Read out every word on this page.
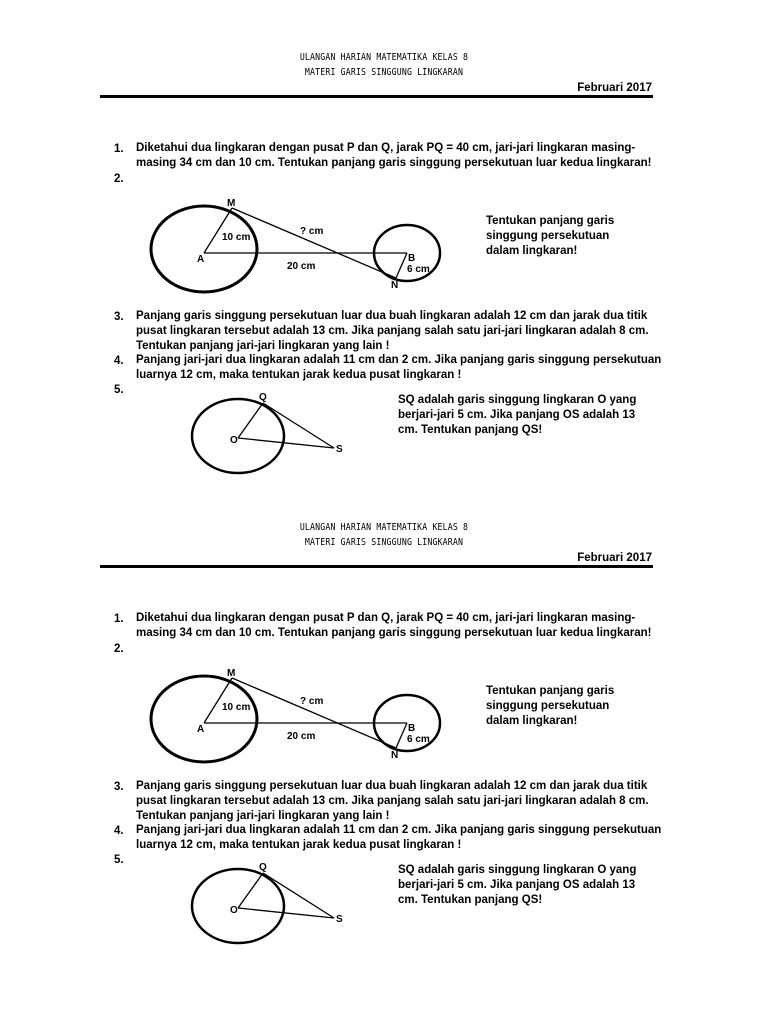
ULANGAN HARIAN MATEMATIKA KELAS 8
MATERI GARIS SINGGUNG LINGKARAN
Februari 2017
1. Diketahui dua lingkaran dengan pusat P dan Q, jarak PQ = 40 cm, jari-jari lingkaran masing-masing 34 cm dan 10 cm. Tentukan panjang garis singgung persekutuan luar kedua lingkaran!
2.
M
A	B
N
10 cm
20 cm	6 cm
? cm
Q
O
S
Tentukan panjang garis singgung persekutuan dalam lingkaran!
3. Panjang garis singgung persekutuan luar dua buah lingkaran adalah 12 cm dan jarak dua titik pusat lingkaran tersebut adalah 13 cm. Jika panjang salah satu jari-jari lingkaran adalah 8 cm. Tentukan panjang jari-jari lingkaran yang lain !
4. Panjang jari-jari dua lingkaran adalah 11 cm dan 2 cm. Jika panjang garis singgung persekutuan luarnya 12 cm, maka tentukan jarak kedua pusat lingkaran !
5.
SQ adalah garis singgung lingkaran O yang berjari-jari 5 cm. Jika panjang OS adalah 13 cm. Tentukan panjang QS!
ULANGAN HARIAN MATEMATIKA KELAS 8
MATERI GARIS SINGGUNG LINGKARAN
Februari 2017
1. Diketahui dua lingkaran dengan pusat P dan Q, jarak PQ = 40 cm, jari-jari lingkaran masing-masing 34 cm dan 10 cm. Tentukan panjang garis singgung persekutuan luar kedua lingkaran!
2.
M
A	B
N
10 cm
20 cm	6 cm
? cm
Q
O
S
Tentukan panjang garis singgung persekutuan dalam lingkaran!
3. Panjang garis singgung persekutuan luar dua buah lingkaran adalah 12 cm dan jarak dua titik pusat lingkaran tersebut adalah 13 cm. Jika panjang salah satu jari-jari lingkaran adalah 8 cm. Tentukan panjang jari-jari lingkaran yang lain !
4. Panjang jari-jari dua lingkaran adalah 11 cm dan 2 cm. Jika panjang garis singgung persekutuan luarnya 12 cm, maka tentukan jarak kedua pusat lingkaran !
5.
SQ adalah garis singgung lingkaran O yang berjari-jari 5 cm. Jika panjang OS adalah 13 cm. Tentukan panjang QS!
